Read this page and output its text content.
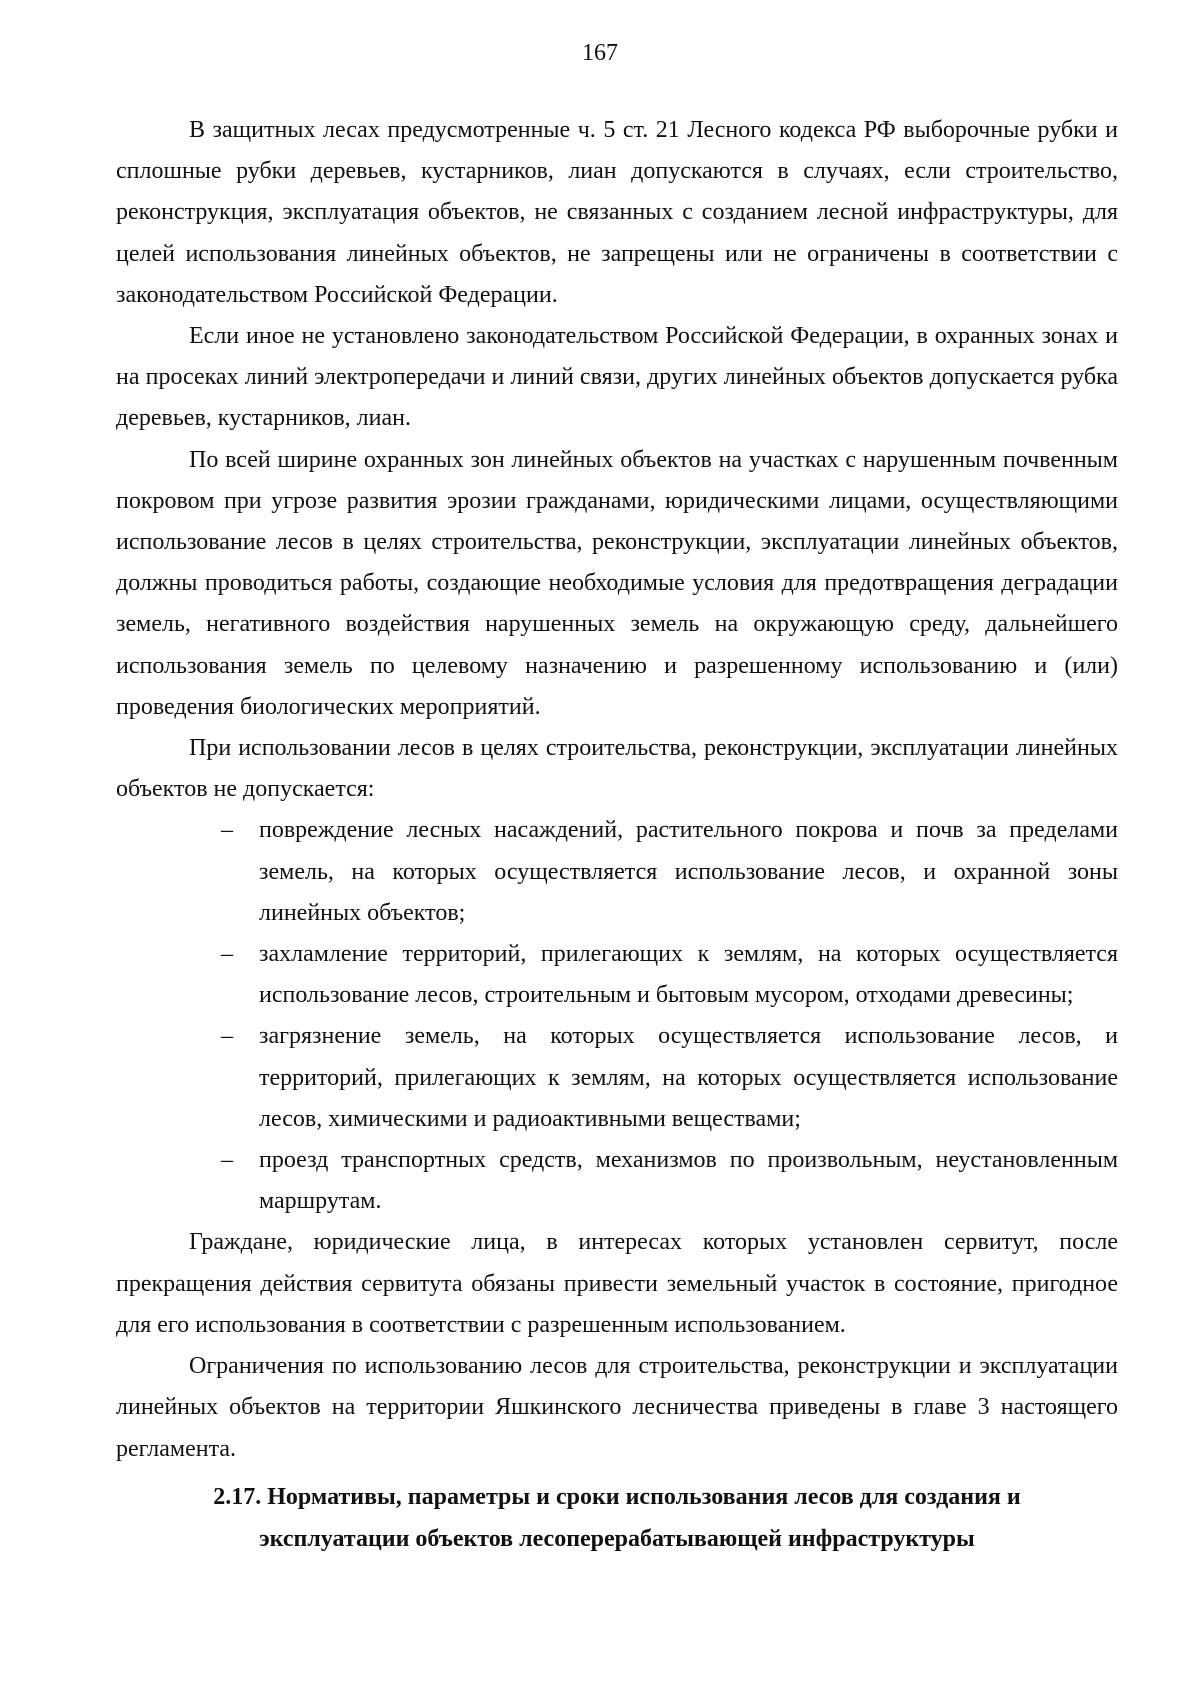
167

В защитных лесах предусмотренные ч. 5 ст. 21 Лесного кодекса РФ выборочные рубки и сплошные рубки деревьев, кустарников, лиан допускаются в случаях, если строительство, реконструкция, эксплуатация объектов, не связанных с созданием лесной инфраструктуры, для целей использования линейных объектов, не запрещены или не ограничены в соответствии с законодательством Российской Федерации.

Если иное не установлено законодательством Российской Федерации, в охранных зонах и на просеках линий электропередачи и линий связи, других линейных объектов допускается рубка деревьев, кустарников, лиан.

По всей ширине охранных зон линейных объектов на участках с нарушенным почвенным покровом при угрозе развития эрозии гражданами, юридическими лицами, осуществляющими использование лесов в целях строительства, реконструкции, эксплуатации линейных объектов, должны проводиться работы, создающие необходимые условия для предотвращения деградации земель, негативного воздействия нарушенных земель на окружающую среду, дальнейшего использования земель по целевому назначению и разрешенному использованию и (или) проведения биологических мероприятий.

При использовании лесов в целях строительства, реконструкции, эксплуатации линейных объектов не допускается:

– повреждение лесных насаждений, растительного покрова и почв за пределами земель, на которых осуществляется использование лесов, и охранной зоны линейных объектов;
– захламление территорий, прилегающих к землям, на которых осуществляется использование лесов, строительным и бытовым мусором, отходами древесины;
– загрязнение земель, на которых осуществляется использование лесов, и территорий, прилегающих к землям, на которых осуществляется использование лесов, химическими и радиоактивными веществами;
– проезд транспортных средств, механизмов по произвольным, неустановленным маршрутам.

Граждане, юридические лица, в интересах которых установлен сервитут, после прекращения действия сервитута обязаны привести земельный участок в состояние, пригодное для его использования в соответствии с разрешенным использованием.

Ограничения по использованию лесов для строительства, реконструкции и эксплуатации линейных объектов на территории Яшкинского лесничества приведены в главе 3 настоящего регламента.

2.17. Нормативы, параметры и сроки использования лесов для создания и
эксплуатации объектов лесоперерабатывающей инфраструктуры
